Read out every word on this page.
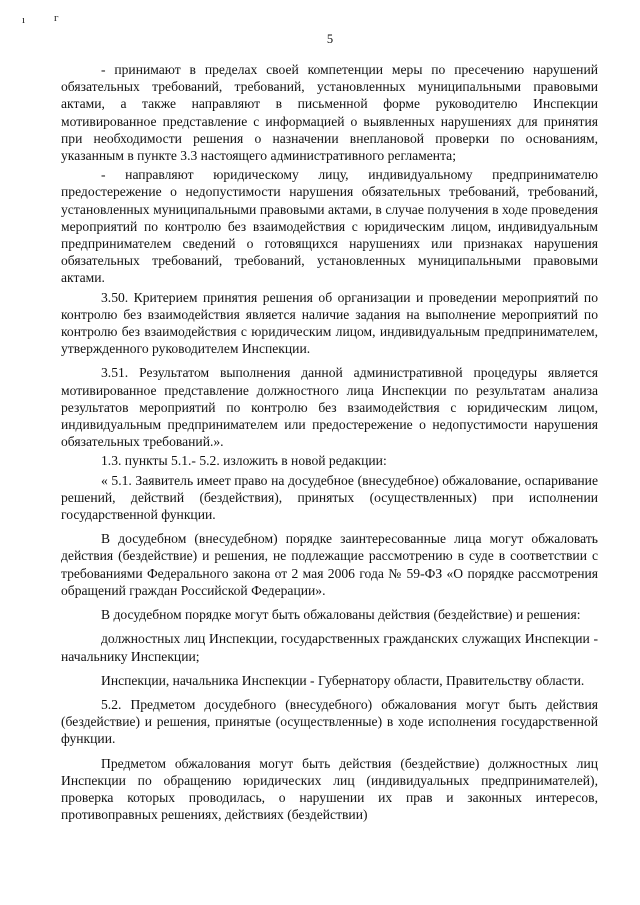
ı	г
5

- принимают в пределах своей компетенции меры по пресечению нарушений обязательных требований, требований, установленных муниципальными правовыми актами, а также направляют в письменной форме руководителю Инспекции мотивированное представление с информацией о выявленных нарушениях для принятия при необходимости решения о назначении внеплановой проверки по основаниям, указанным в пункте 3.3 настоящего административного регламента;

- направляют юридическому лицу, индивидуальному предпринимателю предостережение о недопустимости нарушения обязательных требований, требований, установленных муниципальными правовыми актами, в случае получения в ходе проведения мероприятий по контролю без взаимодействия с юридическим лицом, индивидуальным предпринимателем сведений о готовящихся нарушениях или признаках нарушения обязательных требований, требований, установленных муниципальными правовыми актами.

3.50. Критерием принятия решения об организации и проведении мероприятий по контролю без взаимодействия является наличие задания на выполнение мероприятий по контролю без взаимодействия с юридическим лицом, индивидуальным предпринимателем, утвержденного руководителем Инспекции.

3.51. Результатом выполнения данной административной процедуры является мотивированное представление должностного лица Инспекции по результатам анализа результатов мероприятий по контролю без взаимодействия с юридическим лицом, индивидуальным предпринимателем или предостережение о недопустимости нарушения обязательных требований.».

1.3. пункты 5.1.- 5.2. изложить в новой редакции:

« 5.1. Заявитель имеет право на досудебное (внесудебное) обжалование, оспаривание решений, действий (бездействия), принятых (осуществленных) при исполнении государственной функции.

В досудебном (внесудебном) порядке заинтересованные лица могут обжаловать действия (бездействие) и решения, не подлежащие рассмотрению в суде в соответствии с требованиями Федерального закона от 2 мая 2006 года № 59-ФЗ «О порядке рассмотрения обращений граждан Российской Федерации».

В досудебном порядке могут быть обжалованы действия (бездействие) и решения:

должностных лиц Инспекции, государственных гражданских служащих Инспекции - начальнику Инспекции;

Инспекции, начальника Инспекции - Губернатору области, Правительству области.

5.2. Предметом досудебного (внесудебного) обжалования могут быть действия (бездействие) и решения, принятые (осуществленные) в ходе исполнения государственной функции.

Предметом обжалования могут быть действия (бездействие) должностных лиц Инспекции по обращению юридических лиц (индивидуальных предпринимателей), проверка которых проводилась, о нарушении их прав и законных интересов, противоправных решениях, действиях (бездействии)
